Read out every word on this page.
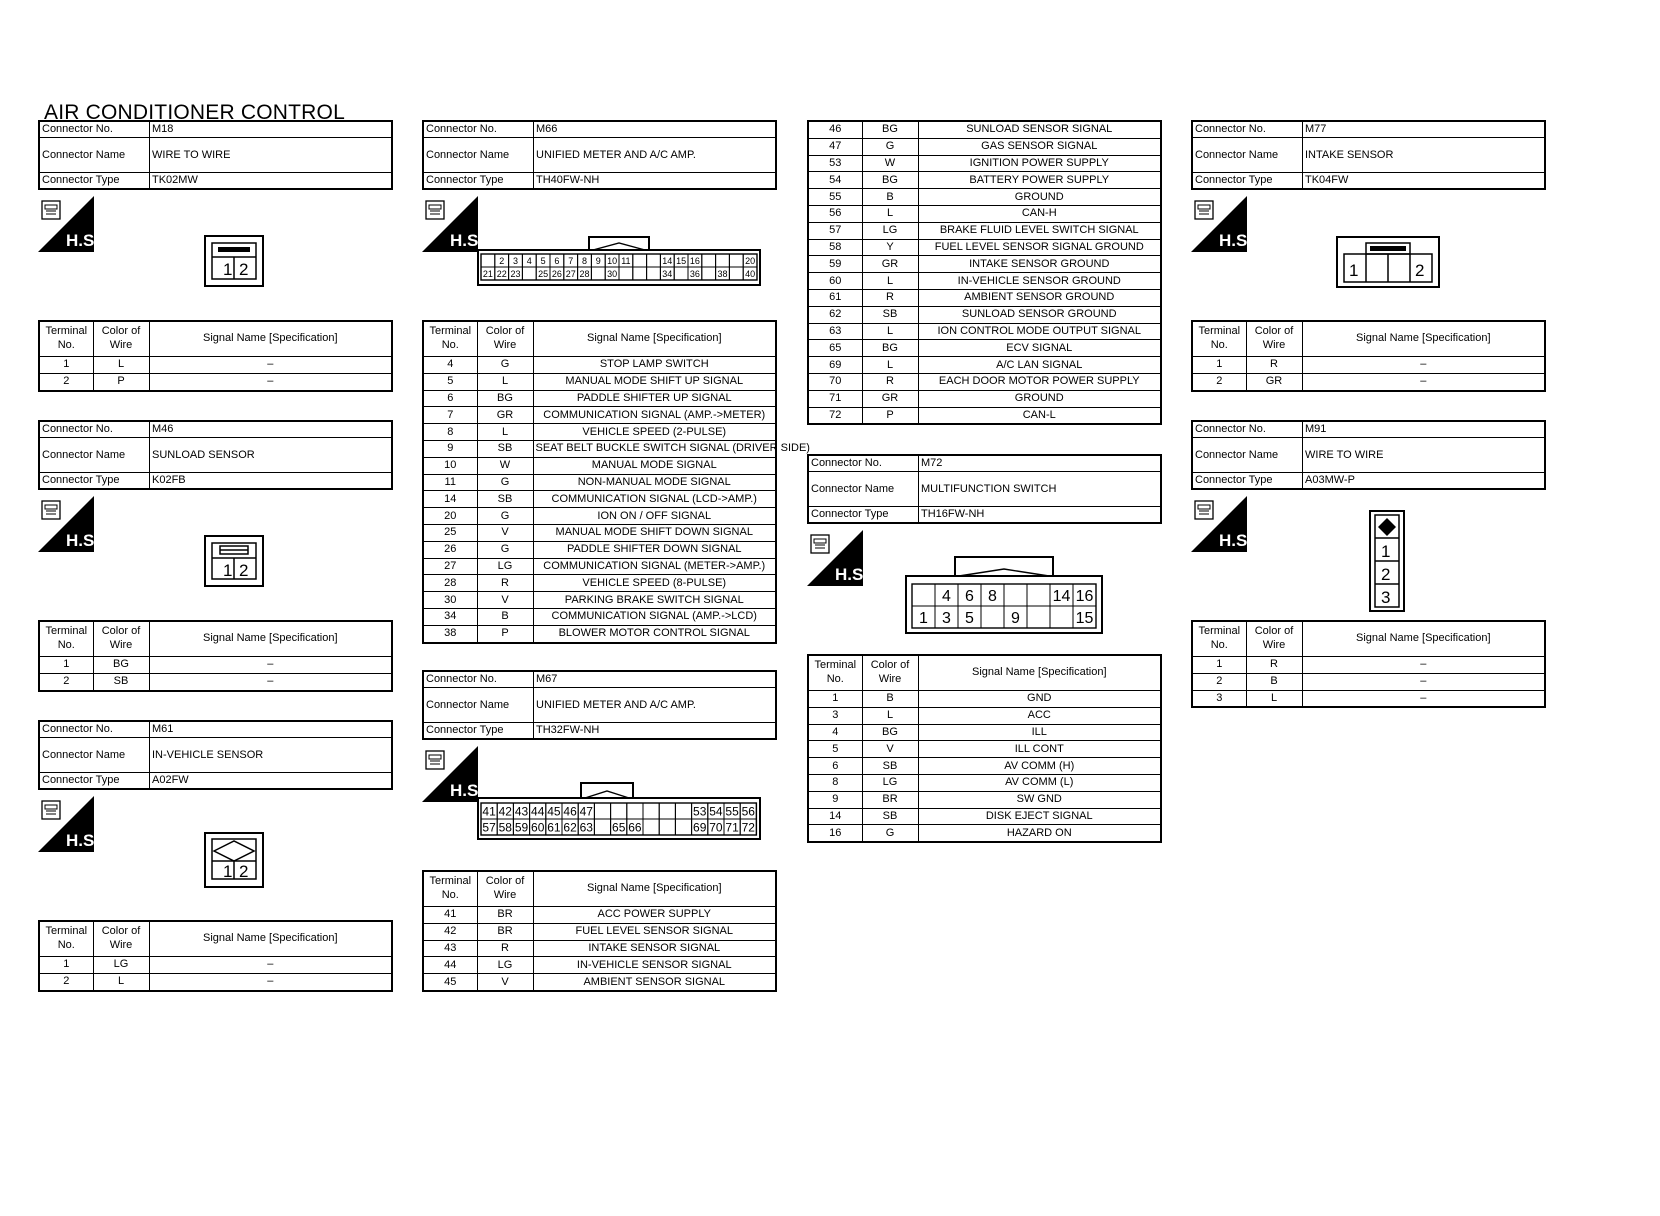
AIR CONDITIONER CONTROL
Connector No.	M18
Connector Name	WIRE TO WIRE
Connector Type	TK02MW
H.S.
1 2
Terminal No.	Color of Wire	Signal Name [Specification]
1	L	–
2	P	–
Connector No.	M46
Connector Name	SUNLOAD SENSOR
Connector Type	K02FB
H.S.
1 2
Terminal No.	Color of Wire	Signal Name [Specification]
1	BG	–
2	SB	–
Connector No.	M61
Connector Name	IN-VEHICLE SENSOR
Connector Type	A02FW
H.S.
1 2
Terminal No.	Color of Wire	Signal Name [Specification]
1	LG	–
2	L	–
Connector No.	M66
Connector Name	UNIFIED METER AND A/C AMP.
Connector Type	TH40FW-NH
H.S.
2 3 4 5 6 7 8 9 10 11	14 15 16	20
21 22 23 25 26 27 28 30	34 36 38 40
Terminal No.	Color of Wire	Signal Name [Specification]
4	G	STOP LAMP SWITCH
5	L	MANUAL MODE SHIFT UP SIGNAL
6	BG	PADDLE SHIFTER UP SIGNAL
7	GR	COMMUNICATION SIGNAL (AMP.->METER)
8	L	VEHICLE SPEED (2-PULSE)
9	SB	SEAT BELT BUCKLE SWITCH SIGNAL (DRIVER SIDE)
10	W	MANUAL MODE SIGNAL
11	G	NON-MANUAL MODE SIGNAL
14	SB	COMMUNICATION SIGNAL (LCD->AMP.)
20	G	ION ON / OFF SIGNAL
25	V	MANUAL MODE SHIFT DOWN SIGNAL
26	G	PADDLE SHIFTER DOWN SIGNAL
27	LG	COMMUNICATION SIGNAL (METER->AMP.)
28	R	VEHICLE SPEED (8-PULSE)
30	V	PARKING BRAKE SWITCH SIGNAL
34	B	COMMUNICATION SIGNAL (AMP.->LCD)
38	P	BLOWER MOTOR CONTROL SIGNAL
Connector No.	M67
Connector Name	UNIFIED METER AND A/C AMP.
Connector Type	TH32FW-NH
H.S.
41 42 43 44 45 46 47	53 54 55 56
57 58 59 60 61 62 63 65 66	69 70 71 72
Terminal No.	Color of Wire	Signal Name [Specification]
41	BR	ACC POWER SUPPLY
42	BR	FUEL LEVEL SENSOR SIGNAL
43	R	INTAKE SENSOR SIGNAL
44	LG	IN-VEHICLE SENSOR SIGNAL
45	V	AMBIENT SENSOR SIGNAL
46	BG	SUNLOAD SENSOR SIGNAL
47	G	GAS SENSOR SIGNAL
53	W	IGNITION POWER SUPPLY
54	BG	BATTERY POWER SUPPLY
55	B	GROUND
56	L	CAN-H
57	LG	BRAKE FLUID LEVEL SWITCH SIGNAL
58	Y	FUEL LEVEL SENSOR SIGNAL GROUND
59	GR	INTAKE SENSOR GROUND
60	L	IN-VEHICLE SENSOR GROUND
61	R	AMBIENT SENSOR GROUND
62	SB	SUNLOAD SENSOR GROUND
63	L	ION CONTROL MODE OUTPUT SIGNAL
65	BG	ECV SIGNAL
69	L	A/C LAN SIGNAL
70	R	EACH DOOR MOTOR POWER SUPPLY
71	GR	GROUND
72	P	CAN-L
Connector No.	M72
Connector Name	MULTIFUNCTION SWITCH
Connector Type	TH16FW-NH
H.S.
4 6 8	14 16
1 3 5 9	15
Terminal No.	Color of Wire	Signal Name [Specification]
1	B	GND
3	L	ACC
4	BG	ILL
5	V	ILL CONT
6	SB	AV COMM (H)
8	LG	AV COMM (L)
9	BR	SW GND
14	SB	DISK EJECT SIGNAL
16	G	HAZARD ON
Connector No.	M77
Connector Name	INTAKE SENSOR
Connector Type	TK04FW
H.S.
1	2
Terminal No.	Color of Wire	Signal Name [Specification]
1	R	–
2	GR	–
Connector No.	M91
Connector Name	WIRE TO WIRE
Connector Type	A03MW-P
H.S.
1
2
3
Terminal No.	Color of Wire	Signal Name [Specification]
1	R	–
2	B	–
3	L	–
